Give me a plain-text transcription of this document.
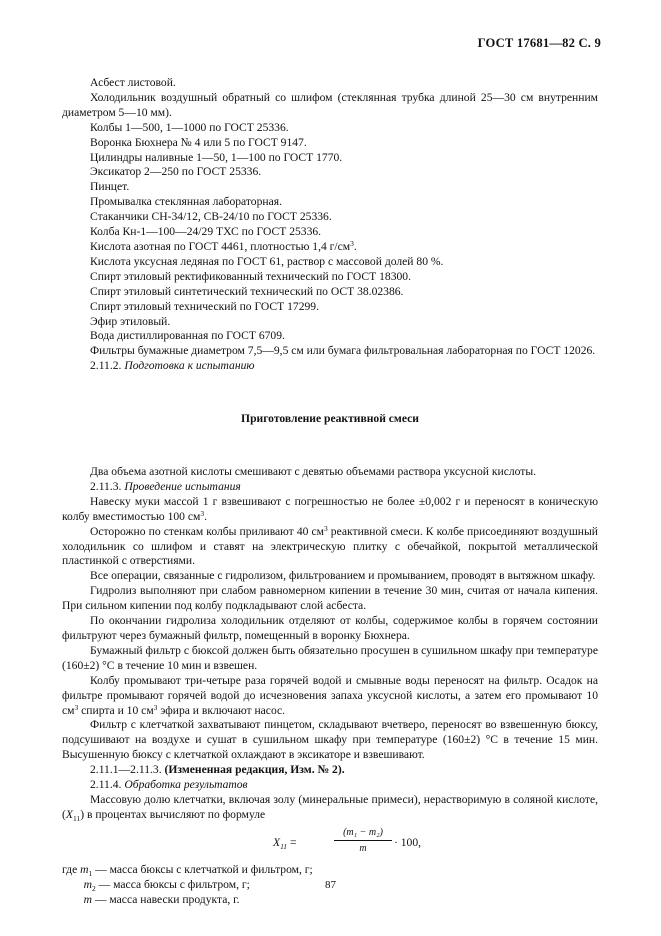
ГОСТ 17681—82 С. 9

Асбест листовой.

Холодильник воздушный обратный со шлифом (стеклянная трубка длиной 25—30 см внутренним диаметром 5—10 мм).

Колбы 1—500, 1—1000 по ГОСТ 25336.

Воронка Бюхнера № 4 или 5 по ГОСТ 9147.

Цилиндры наливные 1—50, 1—100 по ГОСТ 1770.

Эксикатор 2—250 по ГОСТ 25336.

Пинцет.

Промывалка стеклянная лабораторная.

Стаканчики СН-34/12, СВ-24/10 по ГОСТ 25336.

Колба Кн-1—100—24/29 ТХС по ГОСТ 25336.

Кислота азотная по ГОСТ 4461, плотностью 1,4 $г/см^3$.

Кислота уксусная ледяная по ГОСТ 61, раствор с массовой долей 80 %.

Спирт этиловый ректификованный технический по ГОСТ 18300.

Спирт этиловый синтетический технический по ОСТ 38.02386.

Спирт этиловый технический по ГОСТ 17299.

Эфир этиловый.

Вода дистиллированная по ГОСТ 6709.

Фильтры бумажные диаметром 7,5—9,5 см или бумага фильтровальная лабораторная по ГОСТ 12026.

2.11.2. Подготовка к испытанию

Приготовление реактивной смеси

Два объема азотной кислоты смешивают с девятью объемами раствора уксусной кислоты.

2.11.3. Проведение испытания

Навеску муки массой 1 г взвешивают с погрешностью не более ±0,002 г и переносят в коническую колбу вместимостью 100 $см^3$.

Осторожно по стенкам колбы приливают 40 $см^3$ реактивной смеси. К колбе присоединяют воздушный холодильник со шлифом и ставят на электрическую плитку с обечайкой, покрытой металлической пластинкой с отверстиями.

Все операции, связанные с гидролизом, фильтрованием и промыванием, проводят в вытяжном шкафу.

Гидролиз выполняют при слабом равномерном кипении в течение 30 мин, считая от начала кипения. При сильном кипении под колбу подкладывают слой асбеста.

По окончании гидролиза холодильник отделяют от колбы, содержимое колбы в горячем состоянии фильтруют через бумажный фильтр, помещенный в воронку Бюхнера.

Бумажный фильтр с бюксой должен быть обязательно просушен в сушильном шкафу при температуре (160±2) °С в течение 10 мин и взвешен.

Колбу промывают три-четыре раза горячей водой и смывные воды переносят на фильтр. Осадок на фильтре промывают горячей водой до исчезновения запаха уксусной кислоты, а затем его промывают 10 $см^3$ спирта и 10 $см^3$ эфира и включают насос.

Фильтр с клетчаткой захватывают пинцетом, складывают вчетверо, переносят во взвешенную бюксу, подсушивают на воздухе и сушат в сушильном шкафу при температуре (160±2) °С в течение 15 мин. Высушенную бюксу с клетчаткой охлаждают в эксикаторе и взвешивают.

2.11.1—2.11.3. (Измененная редакция, Изм. № 2).

2.11.4. Обработка результатов

Массовую долю клетчатки, включая золу (минеральные примеси), нерастворимую в соляной кислоте, $(X_{11})$ в процентах вычисляют по формуле

$X_{11}$ =
(m₁ − m₂)
m	· 100,

где $m_1$ — масса бюксы с клетчаткой и фильтром, г;

$m_2$ — масса бюксы с фильтром, г;

m — масса навески продукта, г.

87
